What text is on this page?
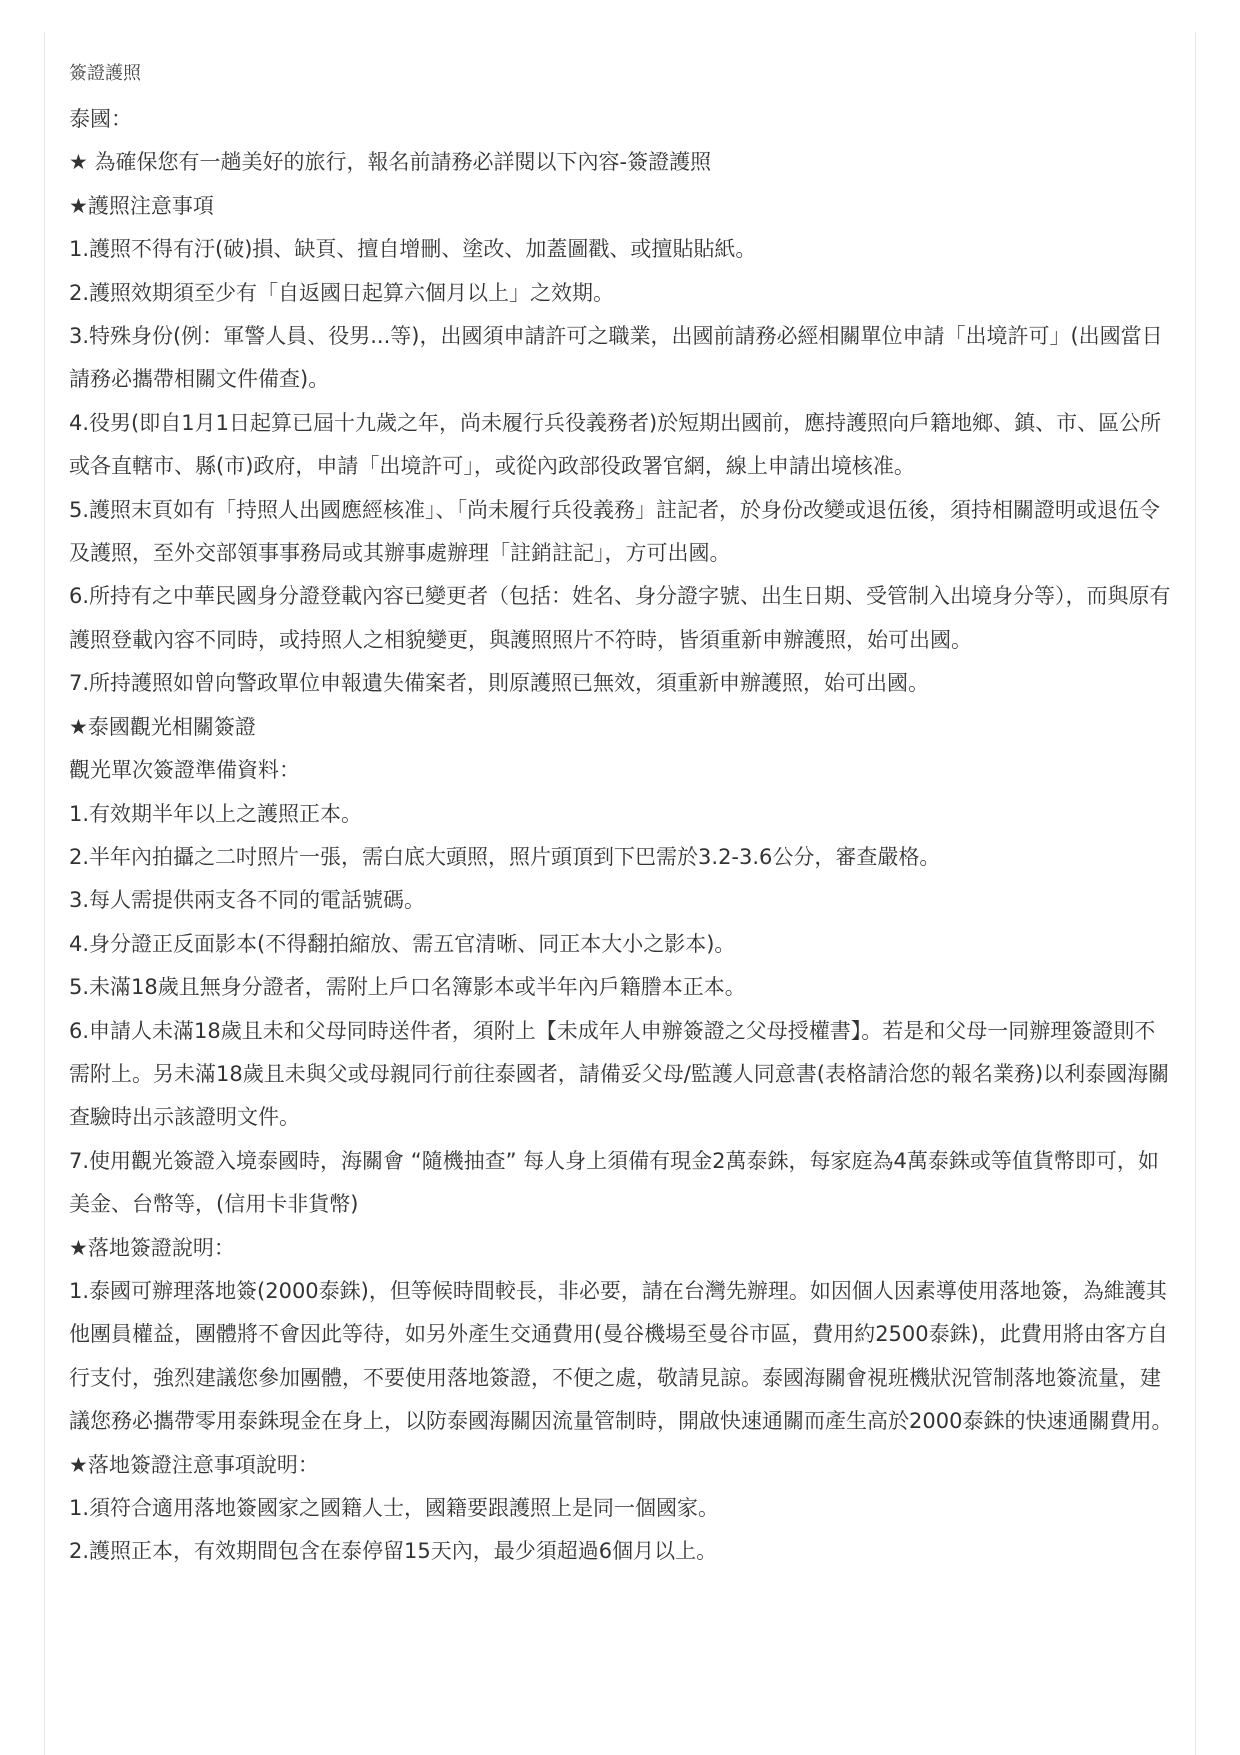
簽證護照

泰國：

★ 為確保您有一趟美好的旅行，報名前請務必詳閱以下內容-簽證護照

★護照注意事項

1.護照不得有汙(破)損、缺頁、擅自增刪、塗改、加蓋圖戳、或擅貼貼紙。

2.護照效期須至少有「自返國日起算六個月以上」之效期。

3.特殊身份(例：軍警人員、役男...等)，出國須申請許可之職業，出國前請務必經相關單位申請「出境許可」(出國當日請務必攜帶相關文件備查)。

4.役男(即自1月1日起算已屆十九歲之年，尚未履行兵役義務者)於短期出國前，應持護照向戶籍地鄉、鎮、市、區公所或各直轄市、縣(市)政府，申請「出境許可」，或從內政部役政署官網，線上申請出境核准。

5.護照末頁如有「持照人出國應經核准」、「尚未履行兵役義務」註記者，於身份改變或退伍後，須持相關證明或退伍令及護照，至外交部領事事務局或其辦事處辦理「註銷註記」，方可出國。

6.所持有之中華民國身分證登載內容已變更者（包括：姓名、身分證字號、出生日期、受管制入出境身分等），而與原有護照登載內容不同時，或持照人之相貌變更，與護照照片不符時，皆須重新申辦護照，始可出國。

7.所持護照如曾向警政單位申報遺失備案者，則原護照已無效，須重新申辦護照，始可出國。

★泰國觀光相關簽證

觀光單次簽證準備資料：

1.有效期半年以上之護照正本。

2.半年內拍攝之二吋照片一張，需白底大頭照，照片頭頂到下巴需於3.2-3.6公分，審查嚴格。

3.每人需提供兩支各不同的電話號碼。

4.身分證正反面影本(不得翻拍縮放、需五官清晰、同正本大小之影本)。

5.未滿18歲且無身分證者，需附上戶口名簿影本或半年內戶籍謄本正本。

6.申請人未滿18歲且未和父母同時送件者，須附上【未成年人申辦簽證之父母授權書】。若是和父母一同辦理簽證則不需附上。另未滿18歲且未與父或母親同行前往泰國者，請備妥父母/監護人同意書(表格請洽您的報名業務)以利泰國海關查驗時出示該證明文件。

7.使用觀光簽證入境泰國時，海關會 “隨機抽查” 每人身上須備有現金2萬泰銖，每家庭為4萬泰銖或等值貨幣即可，如美金、台幣等，(信用卡非貨幣)

★落地簽證說明：

1.泰國可辦理落地簽(2000泰銖)，但等候時間較長，非必要，請在台灣先辦理。如因個人因素導使用落地簽，為維護其他團員權益，團體將不會因此等待，如另外產生交通費用(曼谷機場至曼谷市區，費用約2500泰銖)，此費用將由客方自行支付，強烈建議您參加團體，不要使用落地簽證，不便之處，敬請見諒。泰國海關會視班機狀況管制落地簽流量，建議您務必攜帶零用泰銖現金在身上，以防泰國海關因流量管制時，開啟快速通關而產生高於2000泰銖的快速通關費用。

★落地簽證注意事項說明：

1.須符合適用落地簽國家之國籍人士，國籍要跟護照上是同一個國家。

2.護照正本，有效期間包含在泰停留15天內，最少須超過6個月以上。
